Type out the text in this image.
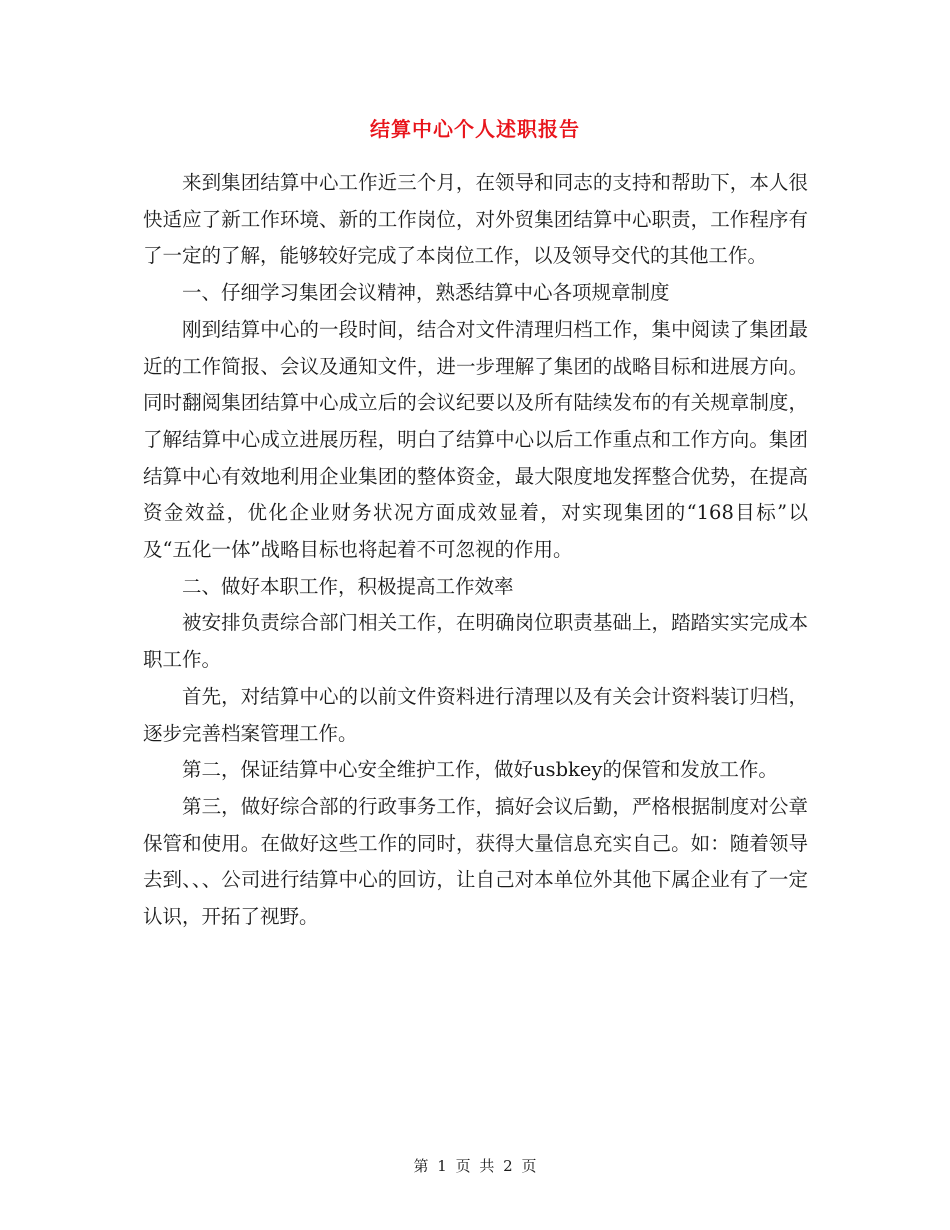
结算中心个人述职报告

来到集团结算中心工作近三个月，在领导和同志的支持和帮助下，本人很快适应了新工作环境、新的工作岗位，对外贸集团结算中心职责，工作程序有了一定的了解，能够较好完成了本岗位工作，以及领导交代的其他工作。

一、仔细学习集团会议精神，熟悉结算中心各项规章制度

刚到结算中心的一段时间，结合对文件清理归档工作，集中阅读了集团最近的工作简报、会议及通知文件，进一步理解了集团的战略目标和进展方向。同时翻阅集团结算中心成立后的会议纪要以及所有陆续发布的有关规章制度，了解结算中心成立进展历程，明白了结算中心以后工作重点和工作方向。集团结算中心有效地利用企业集团的整体资金，最大限度地发挥整合优势，在提高资金效益，优化企业财务状况方面成效显着，对实现集团的“168目标”以及“五化一体”战略目标也将起着不可忽视的作用。

二、做好本职工作，积极提高工作效率

被安排负责综合部门相关工作，在明确岗位职责基础上，踏踏实实完成本职工作。

首先，对结算中心的以前文件资料进行清理以及有关会计资料装订归档，逐步完善档案管理工作。

第二，保证结算中心安全维护工作，做好usbkey的保管和发放工作。

第三，做好综合部的行政事务工作，搞好会议后勤，严格根据制度对公章保管和使用。在做好这些工作的同时，获得大量信息充实自己。如：随着领导去到、、、公司进行结算中心的回访，让自己对本单位外其他下属企业有了一定认识，开拓了视野。

第 1 页 共 2 页
